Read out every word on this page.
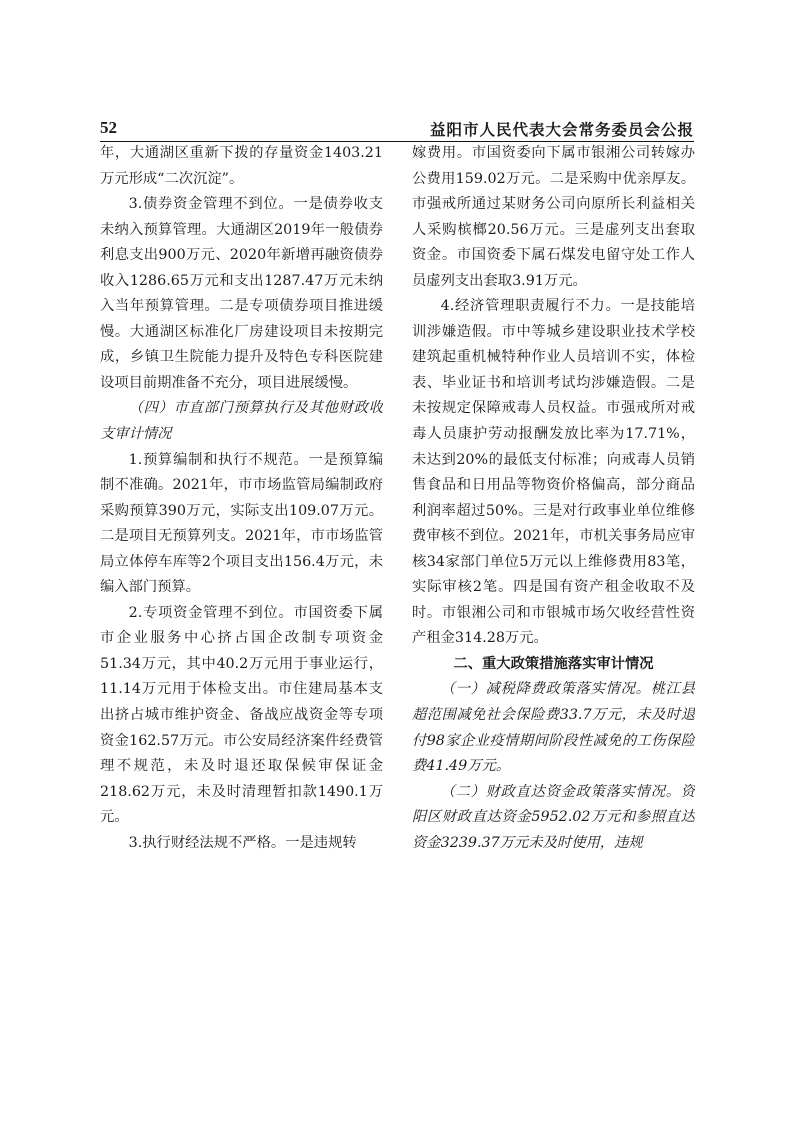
52	益阳市人民代表大会常务委员会公报

年，大通湖区重新下拨的存量资金1403.21万元形成“二次沉淀”。

3.债券资金管理不到位。一是债券收支未纳入预算管理。大通湖区2019年一般债券利息支出900万元、2020年新增再融资债券收入1286.65万元和支出1287.47万元未纳入当年预算管理。二是专项债券项目推进缓慢。大通湖区标准化厂房建设项目未按期完成，乡镇卫生院能力提升及特色专科医院建设项目前期准备不充分，项目进展缓慢。

（四）市直部门预算执行及其他财政收支审计情况

1.预算编制和执行不规范。一是预算编制不准确。2021年，市市场监管局编制政府采购预算390万元，实际支出109.07万元。二是项目无预算列支。2021年，市市场监管局立体停车库等2个项目支出156.4万元，未编入部门预算。

2.专项资金管理不到位。市国资委下属市企业服务中心挤占国企改制专项资金51.34万元，其中40.2万元用于事业运行，11.14万元用于体检支出。市住建局基本支出挤占城市维护资金、备战应战资金等专项资金162.57万元。市公安局经济案件经费管理不规范，未及时退还取保候审保证金218.62万元，未及时清理暂扣款1490.1万元。

3.执行财经法规不严格。一是违规转

嫁费用。市国资委向下属市银湘公司转嫁办公费用159.02万元。二是采购中优亲厚友。市强戒所通过某财务公司向原所长利益相关人采购槟榔20.56万元。三是虚列支出套取资金。市国资委下属石煤发电留守处工作人员虚列支出套取3.91万元。

4.经济管理职责履行不力。一是技能培训涉嫌造假。市中等城乡建设职业技术学校建筑起重机械特种作业人员培训不实，体检表、毕业证书和培训考试均涉嫌造假。二是未按规定保障戒毒人员权益。市强戒所对戒毒人员康护劳动报酬发放比率为17.71%，未达到20%的最低支付标准；向戒毒人员销售食品和日用品等物资价格偏高，部分商品利润率超过50%。三是对行政事业单位维修费审核不到位。2021年，市机关事务局应审核34家部门单位5万元以上维修费用83笔，实际审核2笔。四是国有资产租金收取不及时。市银湘公司和市银城市场欠收经营性资产租金314.28万元。

二、重大政策措施落实审计情况

（一）减税降费政策落实情况。桃江县超范围减免社会保险费33.7万元，未及时退付98家企业疫情期间阶段性减免的工伤保险费41.49万元。

（二）财政直达资金政策落实情况。资阳区财政直达资金5952.02万元和参照直达资金3239.37万元未及时使用，违规
